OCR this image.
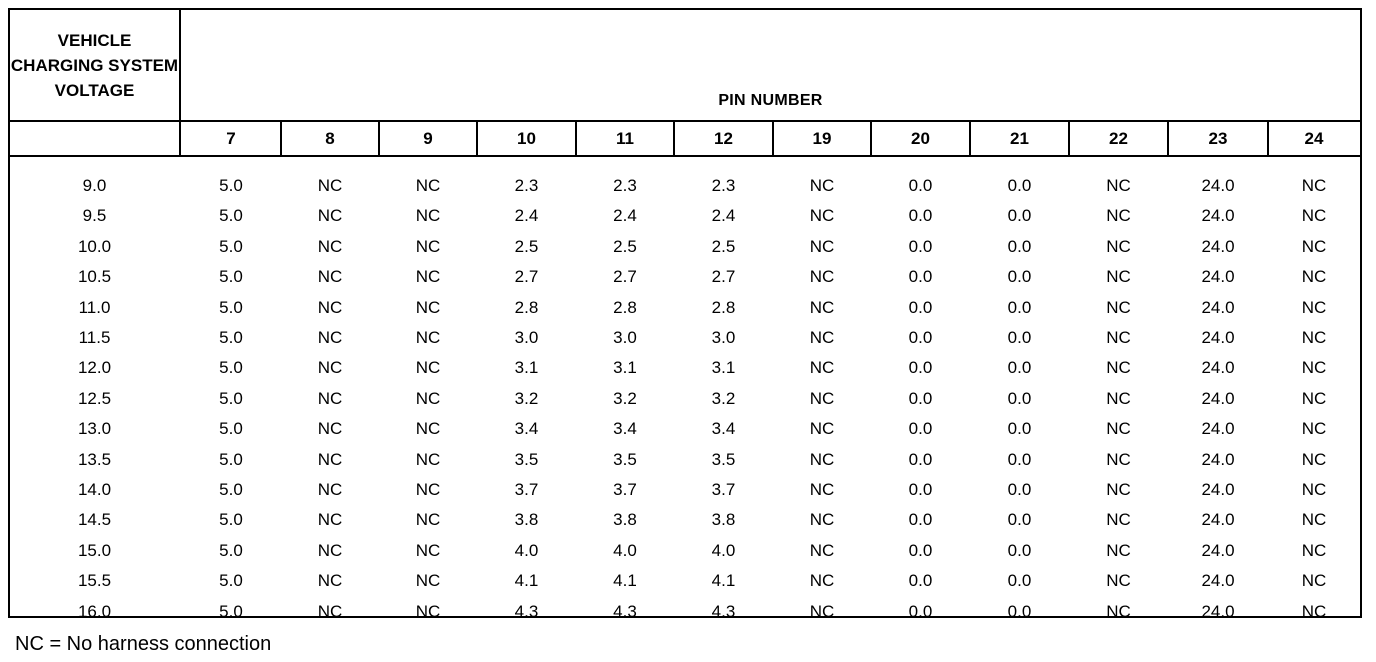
VEHICLE CHARGING SYSTEM VOLTAGE
PIN NUMBER
7	8	9	10	11	12	19	20	21	22	23	24
9.0	5.0	NC	NC	2.3	2.3	2.3	NC	0.0	0.0	NC	24.0	NC
9.5	5.0	NC	NC	2.4	2.4	2.4	NC	0.0	0.0	NC	24.0	NC
10.0	5.0	NC	NC	2.5	2.5	2.5	NC	0.0	0.0	NC	24.0	NC
10.5	5.0	NC	NC	2.7	2.7	2.7	NC	0.0	0.0	NC	24.0	NC
11.0	5.0	NC	NC	2.8	2.8	2.8	NC	0.0	0.0	NC	24.0	NC
11.5	5.0	NC	NC	3.0	3.0	3.0	NC	0.0	0.0	NC	24.0	NC
12.0	5.0	NC	NC	3.1	3.1	3.1	NC	0.0	0.0	NC	24.0	NC
12.5	5.0	NC	NC	3.2	3.2	3.2	NC	0.0	0.0	NC	24.0	NC
13.0	5.0	NC	NC	3.4	3.4	3.4	NC	0.0	0.0	NC	24.0	NC
13.5	5.0	NC	NC	3.5	3.5	3.5	NC	0.0	0.0	NC	24.0	NC
14.0	5.0	NC	NC	3.7	3.7	3.7	NC	0.0	0.0	NC	24.0	NC
14.5	5.0	NC	NC	3.8	3.8	3.8	NC	0.0	0.0	NC	24.0	NC
15.0	5.0	NC	NC	4.0	4.0	4.0	NC	0.0	0.0	NC	24.0	NC
15.5	5.0	NC	NC	4.1	4.1	4.1	NC	0.0	0.0	NC	24.0	NC
16.0	5.0	NC	NC	4.3	4.3	4.3	NC	0.0	0.0	NC	24.0	NC
NC = No harness connection
